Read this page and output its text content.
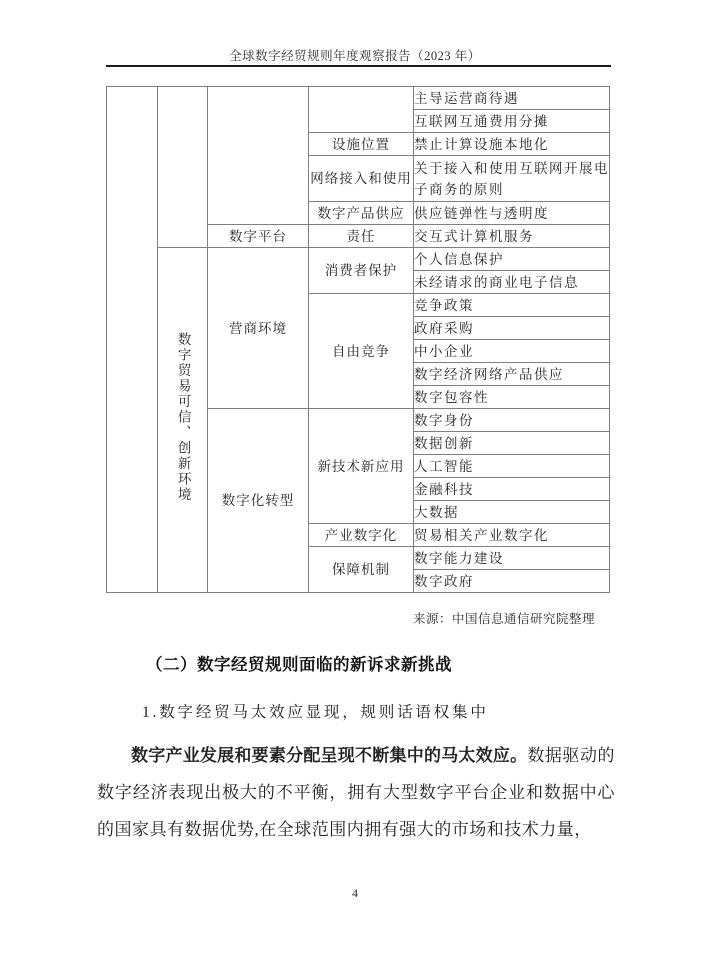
全球数字经贸规则年度观察报告（2023 年）
				主导运营商待遇
				互联网互通费用分摊
			设施位置	禁止计算设施本地化
			网络接入和使用	关于接入和使用互联网开展电子商务的原则
			数字产品供应	供应链弹性与透明度
		数字平台	责任	交互式计算机服务
	数字贸易可信、创新环境	营商环境	消费者保护	个人信息保护
				未经请求的商业电子信息
			自由竞争	竞争政策
				政府采购
				中小企业
				数字经济网络产品供应
				数字包容性
		数字化转型	新技术新应用	数字身份
				数据创新
				人工智能
				金融科技
				大数据
			产业数字化	贸易相关产业数字化
			保障机制	数字能力建设
				数字政府
来源：中国信息通信研究院整理
（二）数字经贸规则面临的新诉求新挑战
1.数字经贸马太效应显现，规则话语权集中
数字产业发展和要素分配呈现不断集中的马太效应。数据驱动的数字经济表现出极大的不平衡，拥有大型数字平台企业和数据中心的国家具有数据优势,在全球范围内拥有强大的市场和技术力量，
4
